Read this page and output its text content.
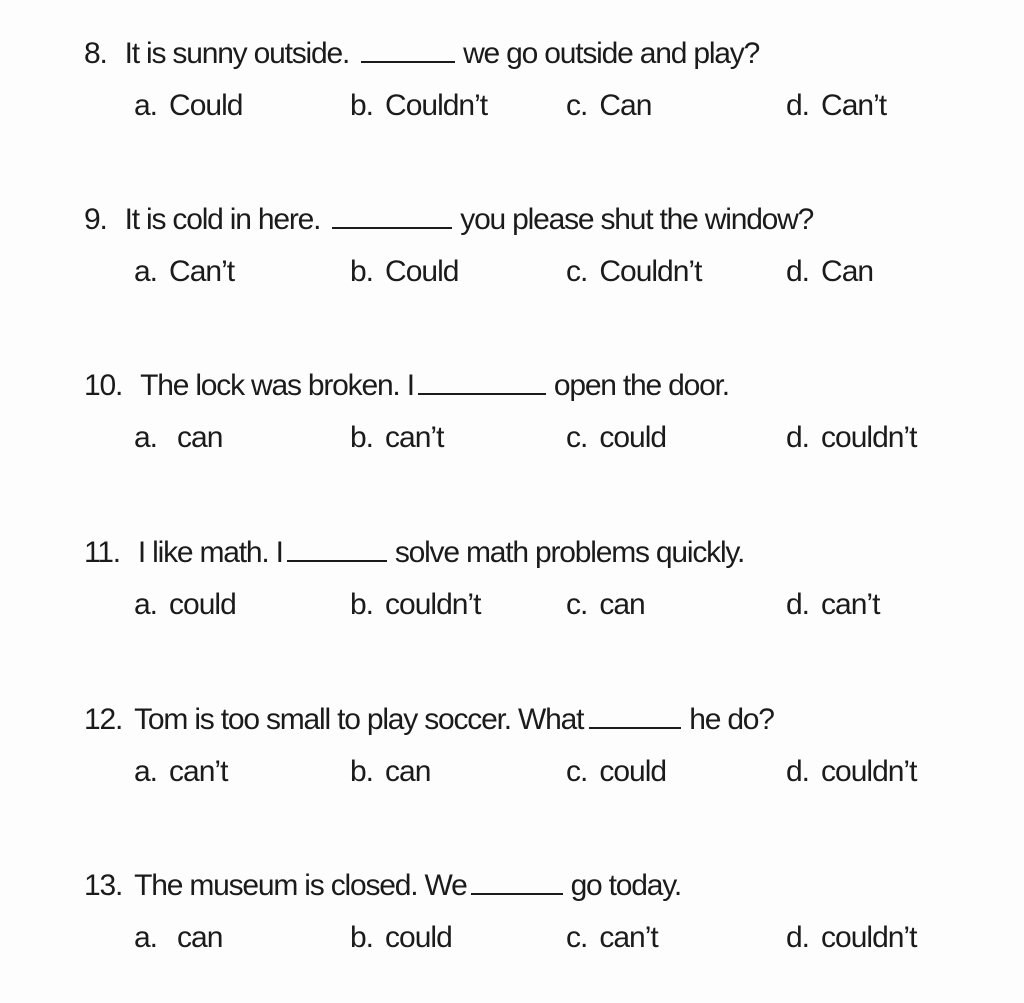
8. It is sunny outside.	we go outside and play?
a. Could	b. Couldn’t	c. Can	d. Can’t
9. It is cold in here.	you please shut the window?
a. Can’t	b. Could	c. Couldn’t	d. Can
10. The lock was broken. I	open the door.
a. can	b. can’t	c. could	d. couldn’t
11. I like math. I	solve math problems quickly.
a. could	b. couldn’t	c. can	d. can’t
12. Tom is too small to play soccer. What	he do?
a. can’t	b. can	c. could	d. couldn’t
13. The museum is closed. We	go today.
a. can	b. could	c. can’t	d. couldn’t
